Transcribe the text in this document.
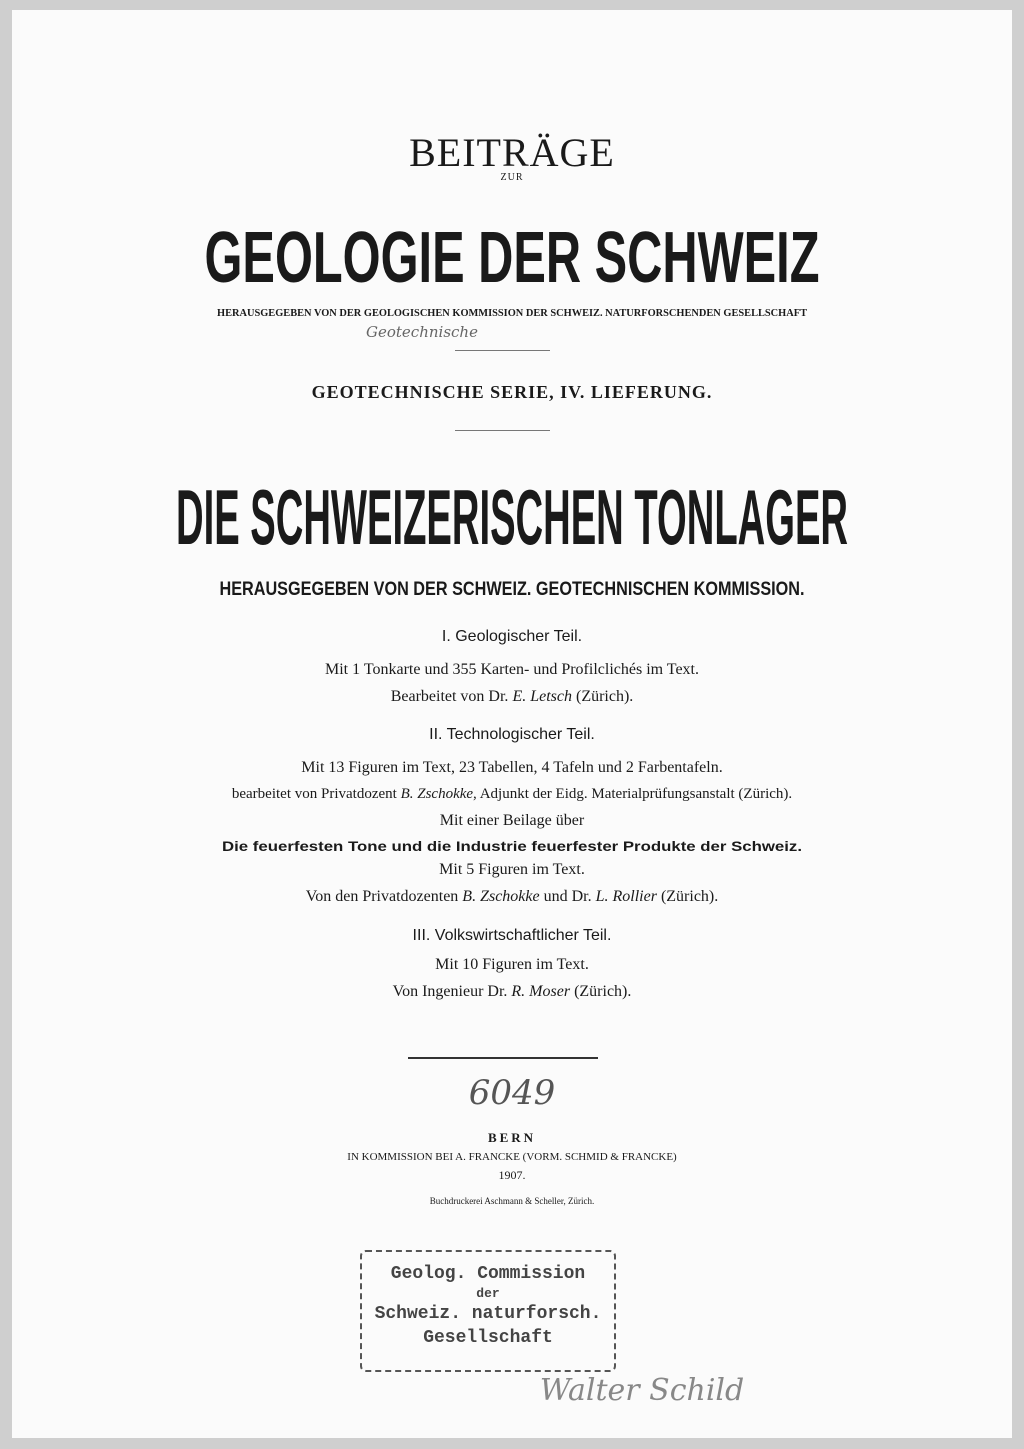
BEITRÄGE
ZUR
GEOLOGIE DER SCHWEIZ
HERAUSGEGEBEN VON DER GEOLOGISCHEN KOMMISSION DER SCHWEIZ. NATURFORSCHENDEN GESELLSCHAFT
Geotechnische
GEOTECHNISCHE SERIE, IV. LIEFERUNG.
DIE SCHWEIZERISCHEN TONLAGER
HERAUSGEGEBEN VON DER SCHWEIZ. GEOTECHNISCHEN KOMMISSION.
I. Geologischer Teil.
Mit 1 Tonkarte und 355 Karten- und Profilclichés im Text.
Bearbeitet von Dr. E. Letsch (Zürich).
II. Technologischer Teil.
Mit 13 Figuren im Text, 23 Tabellen, 4 Tafeln und 2 Farbentafeln.
bearbeitet von Privatdozent B. Zschokke, Adjunkt der Eidg. Materialprüfungsanstalt (Zürich).
Mit einer Beilage über
Die feuerfesten Tone und die Industrie feuerfester Produkte der Schweiz.
Mit 5 Figuren im Text.
Von den Privatdozenten B. Zschokke und Dr. L. Rollier (Zürich).
III. Volkswirtschaftlicher Teil.
Mit 10 Figuren im Text.
Von Ingenieur Dr. R. Moser (Zürich).
6049
BERN
IN KOMMISSION BEI A. FRANCKE (VORM. SCHMID & FRANCKE)
1907.
Buchdruckerei Aschmann & Scheller, Zürich.
Geolog. Commission
der
Schweiz. naturforsch.
Gesellschaft
Walter Schild
